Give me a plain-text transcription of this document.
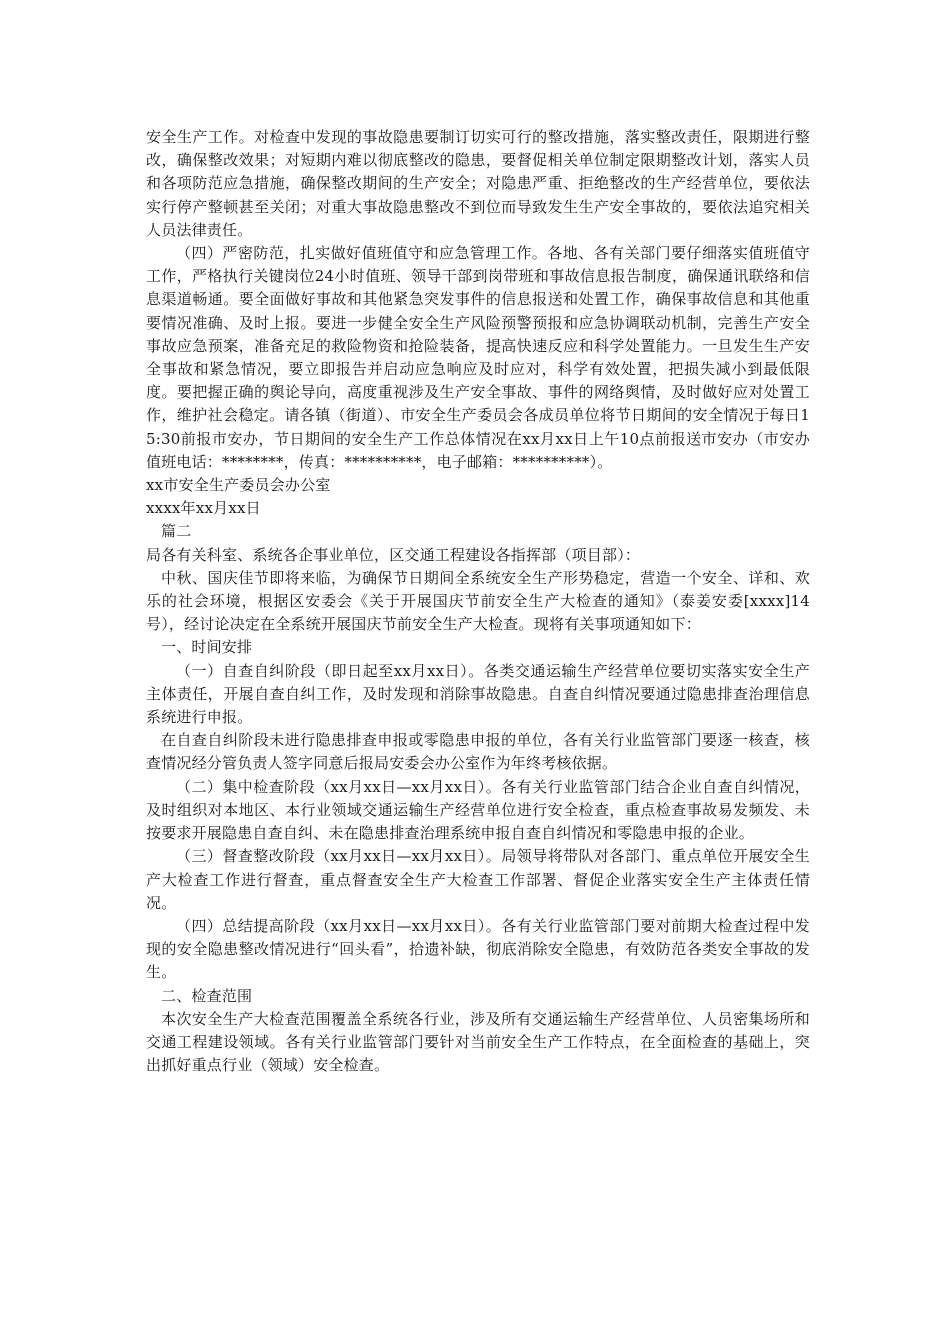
安全生产工作。对检查中发现的事故隐患要制订切实可行的整改措施，落实整改责任，限期进行整改，确保整改效果；对短期内难以彻底整改的隐患，要督促相关单位制定限期整改计划，落实人员和各项防范应急措施，确保整改期间的生产安全；对隐患严重、拒绝整改的生产经营单位，要依法实行停产整顿甚至关闭；对重大事故隐患整改不到位而导致发生生产安全事故的，要依法追究相关人员法律责任。

（四）严密防范，扎实做好值班值守和应急管理工作。各地、各有关部门要仔细落实值班值守工作，严格执行关键岗位24小时值班、领导干部到岗带班和事故信息报告制度，确保通讯联络和信息渠道畅通。要全面做好事故和其他紧急突发事件的信息报送和处置工作，确保事故信息和其他重要情况准确、及时上报。要进一步健全安全生产风险预警预报和应急协调联动机制，完善生产安全事故应急预案，准备充足的救险物资和抢险装备，提高快速反应和科学处置能力。一旦发生生产安全事故和紧急情况，要立即报告并启动应急响应及时应对，科学有效处置，把损失减小到最低限度。要把握正确的舆论导向，高度重视涉及生产安全事故、事件的网络舆情，及时做好应对处置工作，维护社会稳定。请各镇（街道）、市安全生产委员会各成员单位将节日期间的安全情况于每日15:30前报市安办，节日期间的安全生产工作总体情况在xx月xx日上午10点前报送市安办（市安办值班电话：********，传真：**********，电子邮箱：**********）。

xx市安全生产委员会办公室

xxxx年xx月xx日

篇二

局各有关科室、系统各企事业单位，区交通工程建设各指挥部（项目部）：

中秋、国庆佳节即将来临，为确保节日期间全系统安全生产形势稳定，营造一个安全、详和、欢乐的社会环境，根据区安委会《关于开展国庆节前安全生产大检查的通知》（泰姜安委[xxxx]14号），经讨论决定在全系统开展国庆节前安全生产大检查。现将有关事项通知如下：

一、时间安排

（一）自查自纠阶段（即日起至xx月xx日）。各类交通运输生产经营单位要切实落实安全生产主体责任，开展自查自纠工作，及时发现和消除事故隐患。自查自纠情况要通过隐患排查治理信息系统进行申报。

在自查自纠阶段未进行隐患排查申报或零隐患申报的单位，各有关行业监管部门要逐一核查，核查情况经分管负责人签字同意后报局安委会办公室作为年终考核依据。

（二）集中检查阶段（xx月xx日—xx月xx日）。各有关行业监管部门结合企业自查自纠情况，及时组织对本地区、本行业领域交通运输生产经营单位进行安全检查，重点检查事故易发频发、未按要求开展隐患自查自纠、未在隐患排查治理系统申报自查自纠情况和零隐患申报的企业。

（三）督查整改阶段（xx月xx日—xx月xx日）。局领导将带队对各部门、重点单位开展安全生产大检查工作进行督查，重点督查安全生产大检查工作部署、督促企业落实安全生产主体责任情况。

（四）总结提高阶段（xx月xx日—xx月xx日）。各有关行业监管部门要对前期大检查过程中发现的安全隐患整改情况进行“回头看”，拾遗补缺，彻底消除安全隐患，有效防范各类安全事故的发生。

二、检查范围

本次安全生产大检查范围覆盖全系统各行业，涉及所有交通运输生产经营单位、人员密集场所和交通工程建设领域。各有关行业监管部门要针对当前安全生产工作特点，在全面检查的基础上，突出抓好重点行业（领域）安全检查。
